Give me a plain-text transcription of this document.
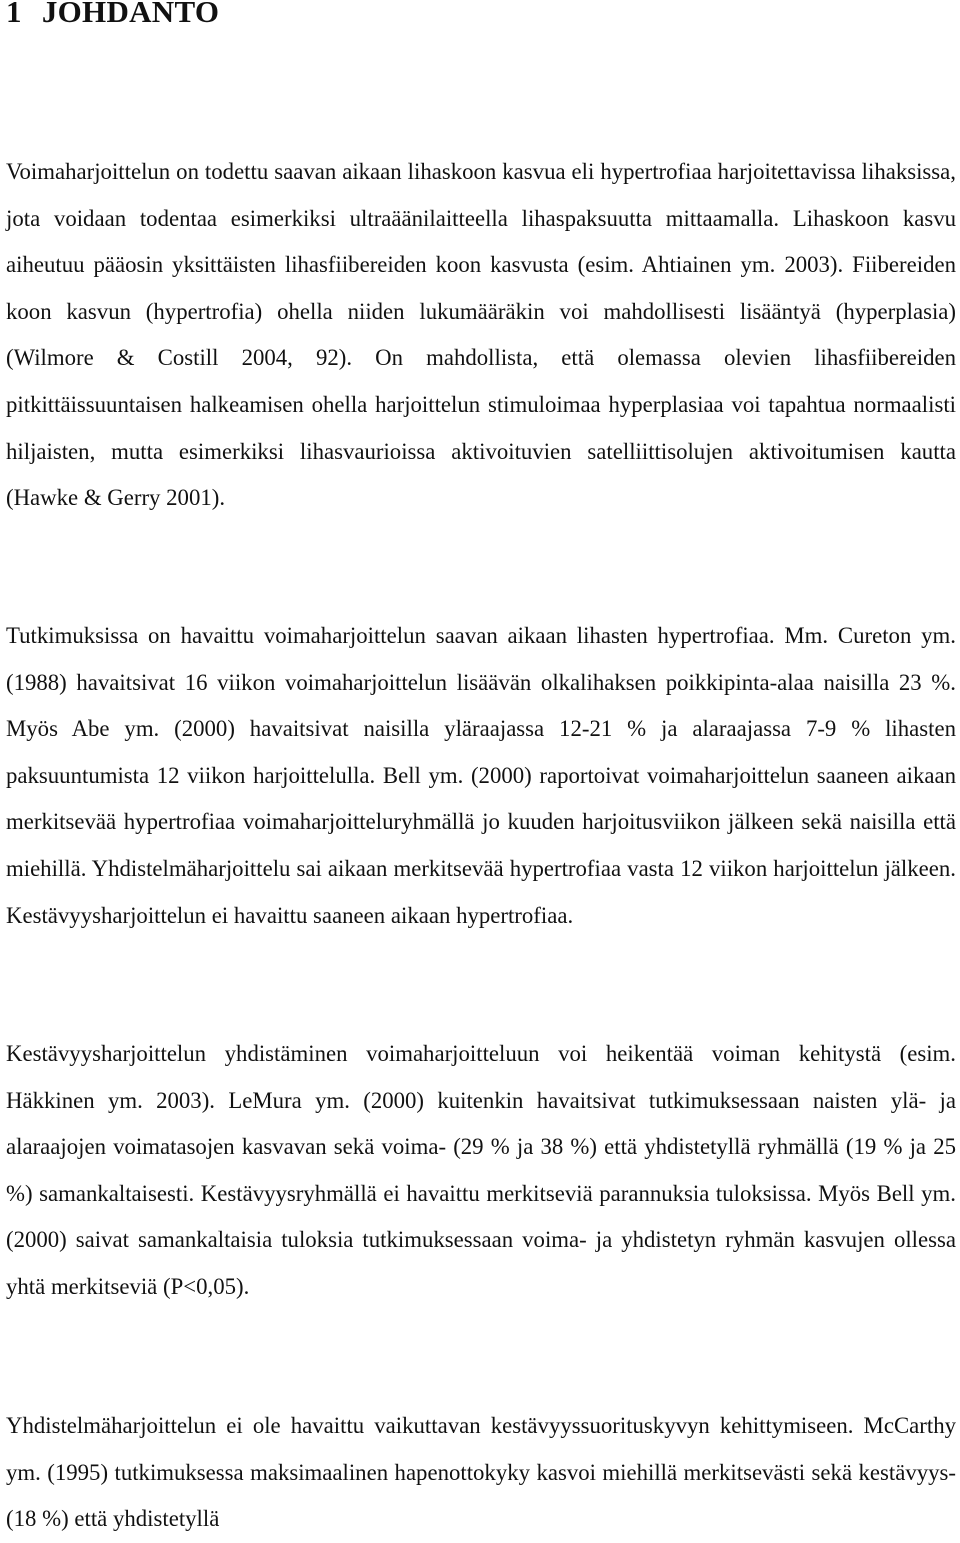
1 JOHDANTO

Voimaharjoittelun on todettu saavan aikaan lihaskoon kasvua eli hypertrofiaa harjoitettavissa lihaksissa, jota voidaan todentaa esimerkiksi ultraäänilaitteella lihaspaksuutta mittaamalla. Lihaskoon kasvu aiheutuu pääosin yksittäisten lihasfiibereiden koon kasvusta (esim. Ahtiainen ym. 2003). Fiibereiden koon kasvun (hypertrofia) ohella niiden lukumääräkin voi mahdollisesti lisääntyä (hyperplasia) (Wilmore & Costill 2004, 92). On mahdollista, että olemassa olevien lihasfiibereiden pitkittäissuuntaisen halkeamisen ohella harjoittelun stimuloimaa hyperplasiaa voi tapahtua normaalisti hiljaisten, mutta esimerkiksi lihasvaurioissa aktivoituvien satelliittisolujen aktivoitumisen kautta (Hawke & Gerry 2001).

Tutkimuksissa on havaittu voimaharjoittelun saavan aikaan lihasten hypertrofiaa. Mm. Cureton ym. (1988) havaitsivat 16 viikon voimaharjoittelun lisäävän olkalihaksen poikkipinta-alaa naisilla 23 %. Myös Abe ym. (2000) havaitsivat naisilla yläraajassa 12-21 % ja alaraajassa 7-9 % lihasten paksuuntumista 12 viikon harjoittelulla. Bell ym. (2000) raportoivat voimaharjoittelun saaneen aikaan merkitsevää hypertrofiaa voimaharjoitteluryhmällä jo kuuden harjoitusviikon jälkeen sekä naisilla että miehillä. Yhdistelmäharjoittelu sai aikaan merkitsevää hypertrofiaa vasta 12 viikon harjoittelun jälkeen. Kestävyysharjoittelun ei havaittu saaneen aikaan hypertrofiaa.

Kestävyysharjoittelun yhdistäminen voimaharjoitteluun voi heikentää voiman kehitystä (esim. Häkkinen ym. 2003). LeMura ym. (2000) kuitenkin havaitsivat tutkimuksessaan naisten ylä- ja alaraajojen voimatasojen kasvavan sekä voima- (29 % ja 38 %) että yhdistetyllä ryhmällä (19 % ja 25 %) samankaltaisesti. Kestävyysryhmällä ei havaittu merkitseviä parannuksia tuloksissa. Myös Bell ym. (2000) saivat samankaltaisia tuloksia tutkimuksessaan voima- ja yhdistetyn ryhmän kasvujen ollessa yhtä merkitseviä (P<0,05).

Yhdistelmäharjoittelun ei ole havaittu vaikuttavan kestävyyssuorituskyvyn kehittymiseen. McCarthy ym. (1995) tutkimuksessa maksimaalinen hapenottokyky kasvoi miehillä merkitsevästi sekä kestävyys- (18 %) että yhdistetyllä
